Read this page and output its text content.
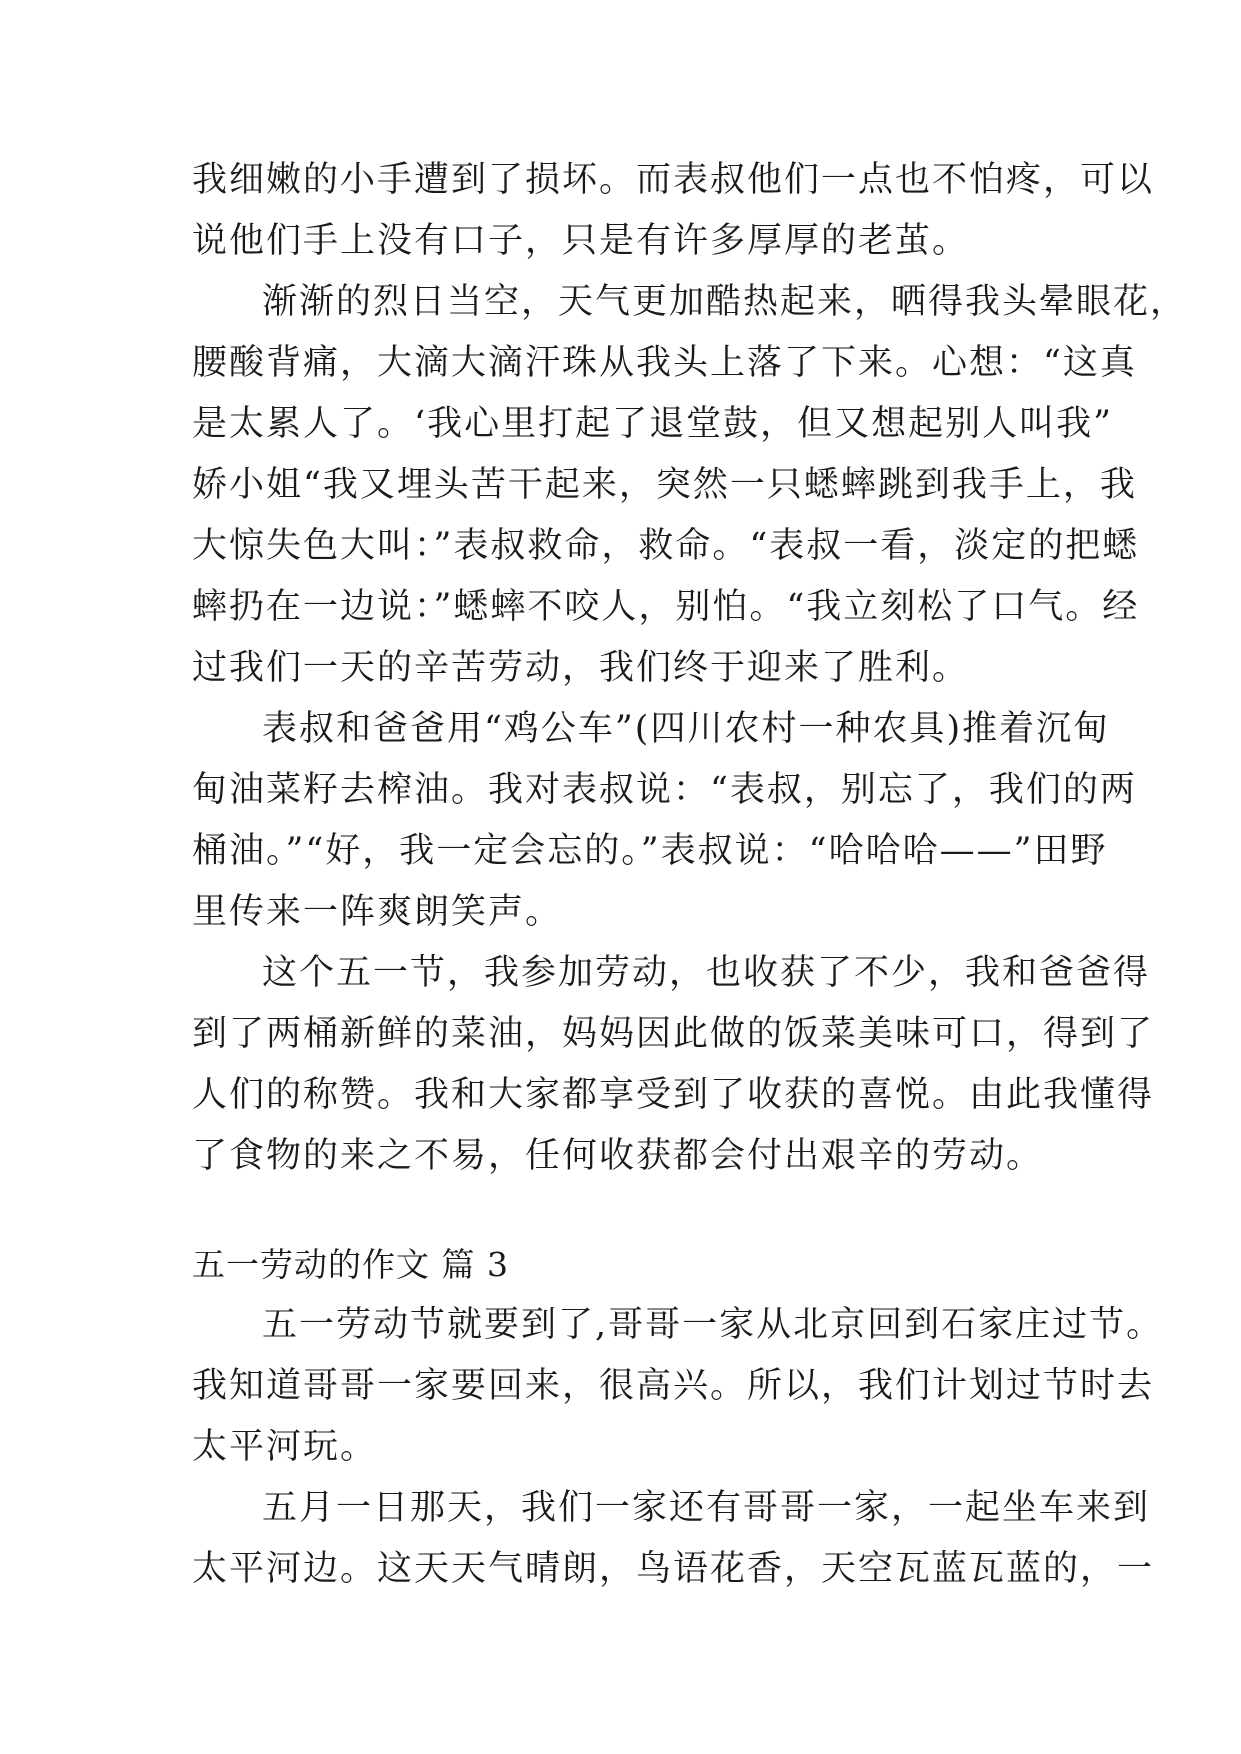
我细嫩的小手遭到了损坏。而表叔他们一点也不怕疼，可以
说他们手上没有口子，只是有许多厚厚的老茧。
渐渐的烈日当空，天气更加酷热起来，晒得我头晕眼花，
腰酸背痛，大滴大滴汗珠从我头上落了下来。心想：“这真
是太累人了。‘我心里打起了退堂鼓，但又想起别人叫我”
娇小姐“我又埋头苦干起来，突然一只蟋蟀跳到我手上，我
大惊失色大叫：”表叔救命，救命。“表叔一看，淡定的把蟋
蟀扔在一边说：”蟋蟀不咬人，别怕。“我立刻松了口气。经
过我们一天的辛苦劳动，我们终于迎来了胜利。
表叔和爸爸用“鸡公车”(四川农村一种农具)推着沉甸
甸油菜籽去榨油。我对表叔说：“表叔，别忘了，我们的两
桶油。”“好，我一定会忘的。”表叔说：“哈哈哈——”田野
里传来一阵爽朗笑声。
这个五一节，我参加劳动，也收获了不少，我和爸爸得
到了两桶新鲜的菜油，妈妈因此做的饭菜美味可口，得到了
人们的称赞。我和大家都享受到了收获的喜悦。由此我懂得
了食物的来之不易，任何收获都会付出艰辛的劳动。
五一劳动的作文 篇 3
五一劳动节就要到了,哥哥一家从北京回到石家庄过节。
我知道哥哥一家要回来，很高兴。所以，我们计划过节时去
太平河玩。
五月一日那天，我们一家还有哥哥一家，一起坐车来到
太平河边。这天天气晴朗，鸟语花香，天空瓦蓝瓦蓝的，一
